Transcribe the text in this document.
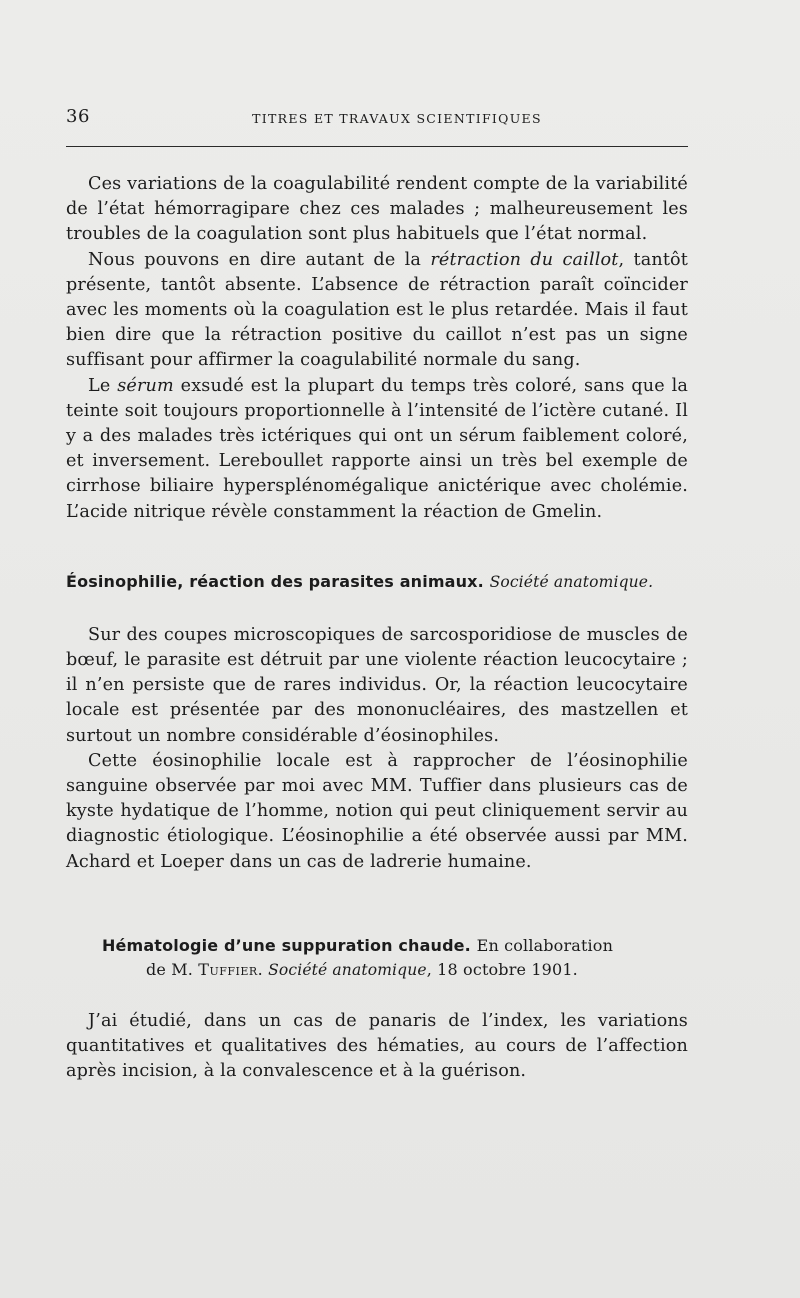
36	TITRES ET TRAVAUX SCIENTIFIQUES

Ces variations de la coagulabilité rendent compte de la variabilité de l’état hémorragipare chez ces malades ; malheureusement les troubles de la coagulation sont plus habituels que l’état normal.

Nous pouvons en dire autant de la rétraction du caillot, tantôt présente, tantôt absente. L’absence de rétraction paraît coïncider avec les moments où la coagulation est le plus retardée. Mais il faut bien dire que la rétraction positive du caillot n’est pas un signe suffisant pour affirmer la coagulabilité normale du sang.

Le sérum exsudé est la plupart du temps très coloré, sans que la teinte soit toujours proportionnelle à l’intensité de l’ictère cutané. Il y a des malades très ictériques qui ont un sérum faiblement coloré, et inversement. Lereboullet rapporte ainsi un très bel exemple de cirrhose biliaire hypersplénomégalique anictérique avec cholémie. L’acide nitrique révèle constamment la réaction de Gmelin.

Éosinophilie, réaction des parasites animaux. Société anatomique.

Sur des coupes microscopiques de sarcosporidiose de muscles de bœuf, le parasite est détruit par une violente réaction leucocytaire ; il n’en persiste que de rares individus. Or, la réaction leucocytaire locale est présentée par des mononucléaires, des mastzellen et surtout un nombre considérable d’éosinophiles.

Cette éosinophilie locale est à rapprocher de l’éosinophilie sanguine observée par moi avec MM. Tuffier dans plusieurs cas de kyste hydatique de l’homme, notion qui peut cliniquement servir au diagnostic étiologique. L’éosinophilie a été observée aussi par MM. Achard et Loeper dans un cas de ladrerie humaine.

Hématologie d’une suppuration chaude. En collaboration
de M. Tuffier. Société anatomique, 18 octobre 1901.

J’ai étudié, dans un cas de panaris de l’index, les variations quantitatives et qualitatives des hématies, au cours de l’affection après incision, à la convalescence et à la guérison.
